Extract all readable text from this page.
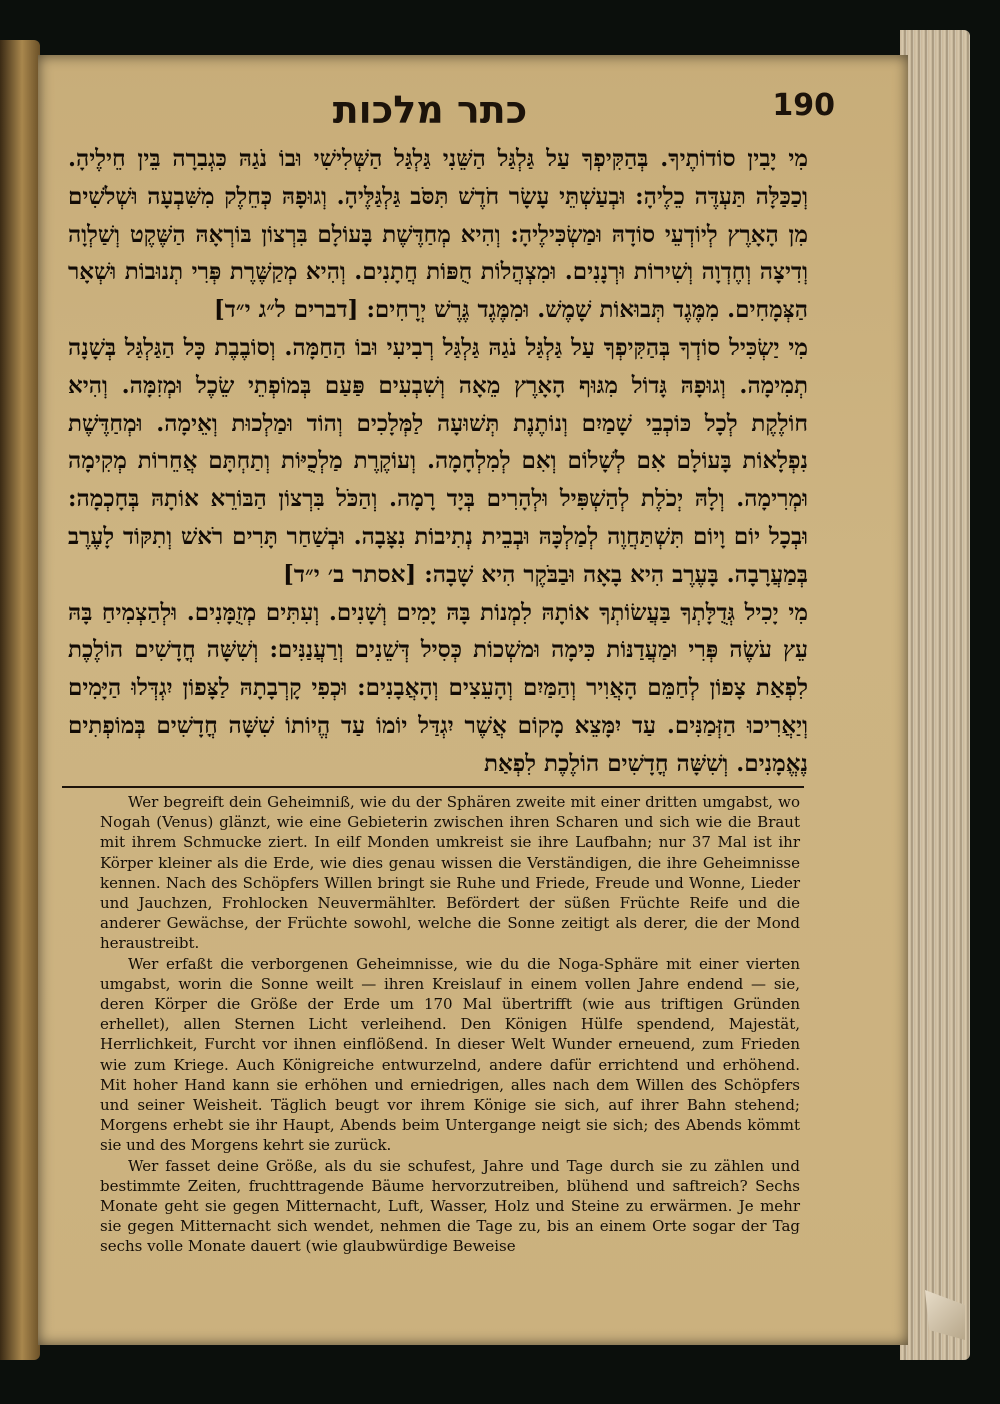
כתר מלכות	190

מִי יָבִין סוֹדוֹתֶיךָ. בְּהַקִּיפְךָ עַל גַּלְגַּל הַשֵּׁנִי גַּלְגַּל הַשְּׁלִישִׁי וּבוֹ נֹגַהּ כִּגְבִרָה בֵּין חֵילֶיהָ. וְכַכַּלָּה תַּעְדֶּה כֵלֶיהָ: וּבְעַשְׁתֵּי עָשָׂר חֹדֶשׁ תִּסֹּב גַּלְגַּלֶּיהָ. וְגוּפָהּ כְּחֵלֶק מִשִּׁבְעָה וּשְׁלֹשִׁים מִן הָאָרֶץ לְיוֹדְעֵי סוֹדָהּ וּמַשְׂכִּילֶיהָ: וְהִיא מְחַדֶּשֶׁת בָּעוֹלָם בִּרְצוֹן בּוֹרְאָהּ הַשֶּׁקֶט וְשַׁלְוָה וְדִיצָה וְחֶדְוָה וְשִׁירוֹת וּרְנָנִים. וּמִצְהֲלוֹת חֻפּוֹת חֲתָנִים. וְהִיא מְקַשֶּׁרֶת פְּרִי תְנוּבוֹת וּשְׁאָר הַצְּמָחִים. מִמֶּגֶד תְּבוּאוֹת שָׁמֶשׁ. וּמִמֶּגֶד גֶּרֶשׁ יְרָחִים: [דברים ל״ג י״ד]

מִי יַשְׂכִּיל סוֹדְךָ בְּהַקִּיפְךָ עַל גַּלְגַּל נֹגַהּ גַּלְגַּל רְבִיעִי וּבוֹ הַחַמָּה. וְסוֹבֶבֶת כָּל הַגַּלְגַּל בְּשָׁנָה תְמִימָה. וְגוּפָהּ גָּדוֹל מִגּוּף הָאָרֶץ מֵאָה וְשִׁבְעִים פַּעַם בְּמוֹפְתֵי שֵׂכֶל וּמְזִמָּה. וְהִיא חוֹלֶקֶת לְכָל כּוֹכְבֵי שָׁמַיִם וְנוֹתֶנֶת תְּשׁוּעָה לַמְּלָכִים וְהוֹד וּמַלְכוּת וְאֵימָה. וּמְחַדֶּשֶׁת נִפְלָאוֹת בָּעוֹלָם אִם לְשָׁלוֹם וְאִם לְמִלְחָמָה. וְעוֹקֶרֶת מַלְכֻיּוֹת וְתַחְתָּם אֲחֵרוֹת מְקִימָה וּמְרִימָה. וְלָהּ יְכֹלֶת לְהַשְׁפִּיל וּלְהָרִים בְּיָד רָמָה. וְהַכֹּל בִּרְצוֹן הַבּוֹרֵא אוֹתָהּ בְּחָכְמָה: וּבְכָל יוֹם וָיוֹם תִּשְׁתַּחֲוֶה לְמַלְכָּהּ וּבְבֵית נְתִיבוֹת נִצָּבָה. וּבְשַׁחַר תָּרִים רֹאשׁ וְתִקּוֹד לָעֶרֶב בְּמַעֲרָבָה. בָּעֶרֶב הִיא בָאָה וּבַבֹּקֶר הִיא שָׁבָה: [אסתר ב׳ י״ד]

מִי יָכִיל גְּדֻלָּתְךָ בַּעֲשׂוֹתְךָ אוֹתָהּ לִמְנוֹת בָּהּ יָמִים וְשָׁנִים. וְעִתִּים מְזֻמָּנִים. וּלְהַצְמִיחַ בָּהּ עֵץ עֹשֶׂה פְּרִי וּמַעֲדַנּוֹת כִּימָה וּמשְׁכוֹת כְּסִיל דְּשֵׁנִים וְרַעֲנַנִּים: וְשִׁשָּׁה חֳדָשִׁים הוֹלֶכֶת לִפְאַת צָפוֹן לְחַמֵּם הָאֲוִיר וְהַמַּיִם וְהָעֵצִים וְהָאֲבָנִים: וּכְפִי קָרְבָתָהּ לַצָּפוֹן יִגְדְּלוּ הַיָּמִים וְיַאֲרִיכוּ הַזְּמַנִּים. עַד יִמָּצֵא מָקוֹם אֲשֶׁר יִגְדַּל יוֹמוֹ עַד הֱיוֹתוֹ שִׁשָּׁה חֳדָשִׁים בְּמוֹפְתִים נֶאֱמָנִים. וְשִׁשָּׁה חֳדָשִׁים הוֹלֶכֶת לִפְאַת

Wer begreift dein Geheimniß, wie du der Sphären zweite mit einer dritten umgabst, wo Nogah (Venus) glänzt, wie eine Gebieterin zwischen ihren Scharen und sich wie die Braut mit ihrem Schmucke ziert. In eilf Monden umkreist sie ihre Laufbahn; nur 37 Mal ist ihr Körper kleiner als die Erde, wie dies genau wissen die Verständigen, die ihre Geheimnisse kennen. Nach des Schöpfers Willen bringt sie Ruhe und Friede, Freude und Wonne, Lieder und Jauchzen, Frohlocken Neuvermählter. Befördert der süßen Früchte Reife und die anderer Gewächse, der Früchte sowohl, welche die Sonne zeitigt als derer, die der Mond heraustreibt.

Wer erfaßt die verborgenen Geheimnisse, wie du die Noga-Sphäre mit einer vierten umgabst, worin die Sonne weilt — ihren Kreislauf in einem vollen Jahre endend — sie, deren Körper die Größe der Erde um 170 Mal übertrifft (wie aus triftigen Gründen erhellet), allen Sternen Licht verleihend. Den Königen Hülfe spendend, Majestät, Herrlichkeit, Furcht vor ihnen einflößend. In dieser Welt Wunder erneuend, zum Frieden wie zum Kriege. Auch Königreiche entwurzelnd, andere dafür errichtend und erhöhend. Mit hoher Hand kann sie erhöhen und erniedrigen, alles nach dem Willen des Schöpfers und seiner Weisheit. Täglich beugt vor ihrem Könige sie sich, auf ihrer Bahn stehend; Morgens erhebt sie ihr Haupt, Abends beim Untergange neigt sie sich; des Abends kömmt sie und des Morgens kehrt sie zurück.

Wer fasset deine Größe, als du sie schufest, Jahre und Tage durch sie zu zählen und bestimmte Zeiten, fruchttragende Bäume hervorzutreiben, blühend und saftreich? Sechs Monate geht sie gegen Mitternacht, Luft, Wasser, Holz und Steine zu erwärmen. Je mehr sie gegen Mitternacht sich wendet, nehmen die Tage zu, bis an einem Orte sogar der Tag sechs volle Monate dauert (wie glaubwürdige Beweise
